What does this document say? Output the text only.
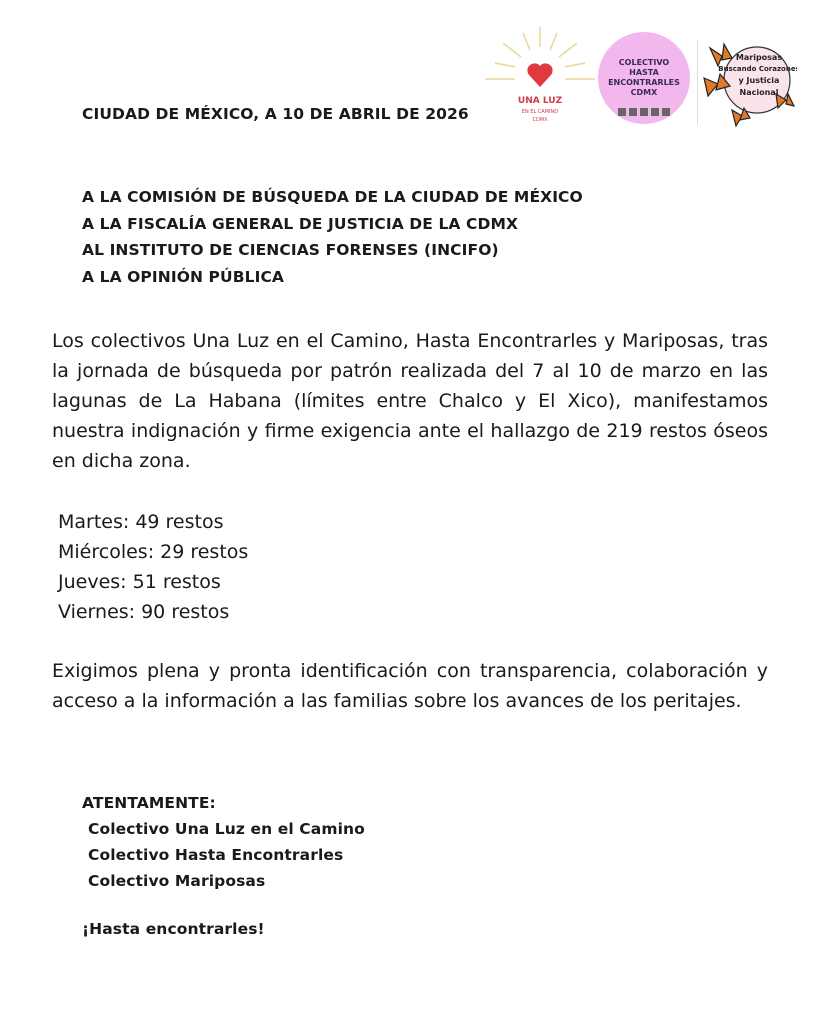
UNA LUZ
EN EL CAMINO
CDMX
COLECTIVO
HASTA ENCONTRARLES
CDMX
Mariposas
Buscando Corazones
y Justicia
Nacional
CIUDAD DE MÉXICO, A 10 DE ABRIL DE 2026
A LA COMISIÓN DE BÚSQUEDA DE LA CIUDAD DE MÉXICO
A LA FISCALÍA GENERAL DE JUSTICIA DE LA CDMX
AL INSTITUTO DE CIENCIAS FORENSES (INCIFO)
A LA OPINIÓN PÚBLICA
Los colectivos Una Luz en el Camino, Hasta Encontrarles y Mariposas, tras la jornada de búsqueda por patrón realizada del 7 al 10 de marzo en las lagunas de La Habana (límites entre Chalco y El Xico), manifestamos nuestra indignación y firme exigencia ante el hallazgo de 219 restos óseos en dicha zona.
Martes: 49 restos
Miércoles: 29 restos
Jueves: 51 restos
Viernes: 90 restos
Exigimos plena y pronta identificación con transparencia, colaboración y acceso a la información a las familias sobre los avances de los peritajes.
ATENTAMENTE:
Colectivo Una Luz en el Camino
Colectivo Hasta Encontrarles
Colectivo Mariposas
¡Hasta encontrarles!
